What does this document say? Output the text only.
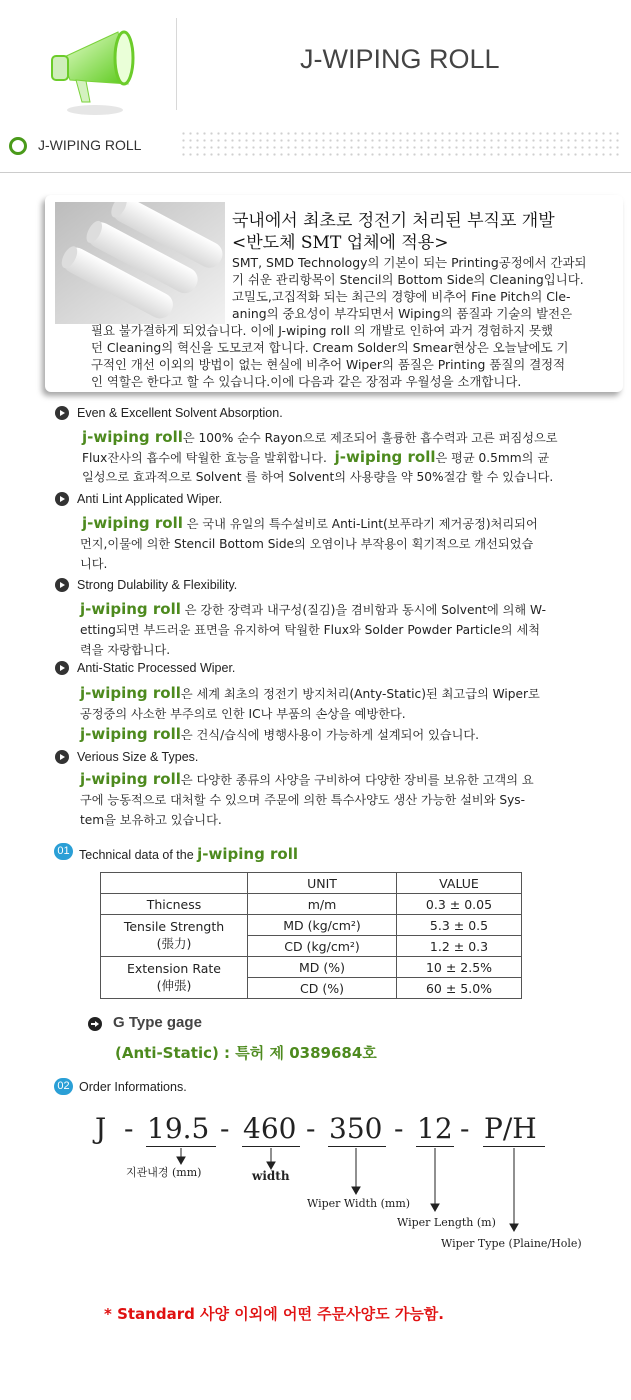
J-WIPING ROLL
J-WIPING ROLL
국내에서 최초로 정전기 처리된 부직포 개발
<반도체 SMT 업체에 적용>
SMT, SMD Technology의 기본이 되는 Printing공정에서 간과되
기 쉬운 관리항목이 Stencil의 Bottom Side의 Cleaning입니다.
고밀도,고집적화 되는 최근의 경향에 비추어 Fine Pitch의 Cle-
aning의 중요성이 부각되면서 Wiping의 품질과 기술의 발전은
필요 불가결하게 되었습니다. 이에 J-wiping roll 의 개발로 인하여 과거 경험하지 못했
던 Cleaning의 혁신을 도모코져 합니다. Cream Solder의 Smear현상은 오늘날에도 기
구적인 개선 이외의 방법이 없는 현실에 비추어 Wiper의 품질은 Printing 품질의 결정적
인 역할은 한다고 할 수 있습니다.이에 다음과 같은 장점과 우월성을 소개합니다.
Even & Excellent Solvent Absorption.
j-wiping roll은 100% 순수 Rayon으로 제조되어 훌륭한 흡수력과 고른 퍼짐성으로
Flux잔사의 흡수에 탁월한 효능을 발휘합니다. j-wiping roll은 평균 0.5mm의 균
일성으로 효과적으로 Solvent 를 하여 Solvent의 사용량을 약 50%절감 할 수 있습니다.
Anti Lint Applicated Wiper.
j-wiping roll 은 국내 유일의 특수설비로 Anti-Lint(보푸라기 제거공정)처리되어
먼지,이물에 의한 Stencil Bottom Side의 오염이나 부작용이 획기적으로 개선되었습
니다.
Strong Dulability & Flexibility.
j-wiping roll 은 강한 장력과 내구성(질김)을 겸비함과 동시에 Solvent에 의해 W-
etting되면 부드러운 표면을 유지하여 탁월한 Flux와 Solder Powder Particle의 세척
력을 자랑합니다.
Anti-Static Processed Wiper.
j-wiping roll은 세계 최초의 정전기 방지처리(Anty-Static)된 최고급의 Wiper로
공정중의 사소한 부주의로 인한 IC나 부품의 손상을 예방한다.
j-wiping roll은 건식/습식에 병행사용이 가능하게 설계되어 있습니다.
Verious Size & Types.
j-wiping roll은 다양한 종류의 사양을 구비하여 다양한 장비를 보유한 고객의 요
구에 능동적으로 대처할 수 있으며 주문에 의한 특수사양도 생산 가능한 설비와 Sys-
tem을 보유하고 있습니다.
01 Technical data of the j-wiping roll
	UNIT	VALUE
Thicness	m/m	0.3 ± 0.05

Tensile Strength
(張力)	MD (kg/cm²)	5.3 ± 0.5
	CD (kg/cm²)	1.2 ± 0.3

Extension Rate
(伸張)	MD (%)	10 ± 2.5%
	CD (%)	60 ± 5.0%
G Type gage
(Anti-Static) : 특허 제 0389684호
02 Order Informations.
J - 19.5 - 460 - 350 - 12 - P/H
지관내경 (mm)	width
Wiper Width (mm)
Wiper Length (m)
Wiper Type (Plaine/Hole)
* Standard 사양 이외에 어떤 주문사양도 가능함.
